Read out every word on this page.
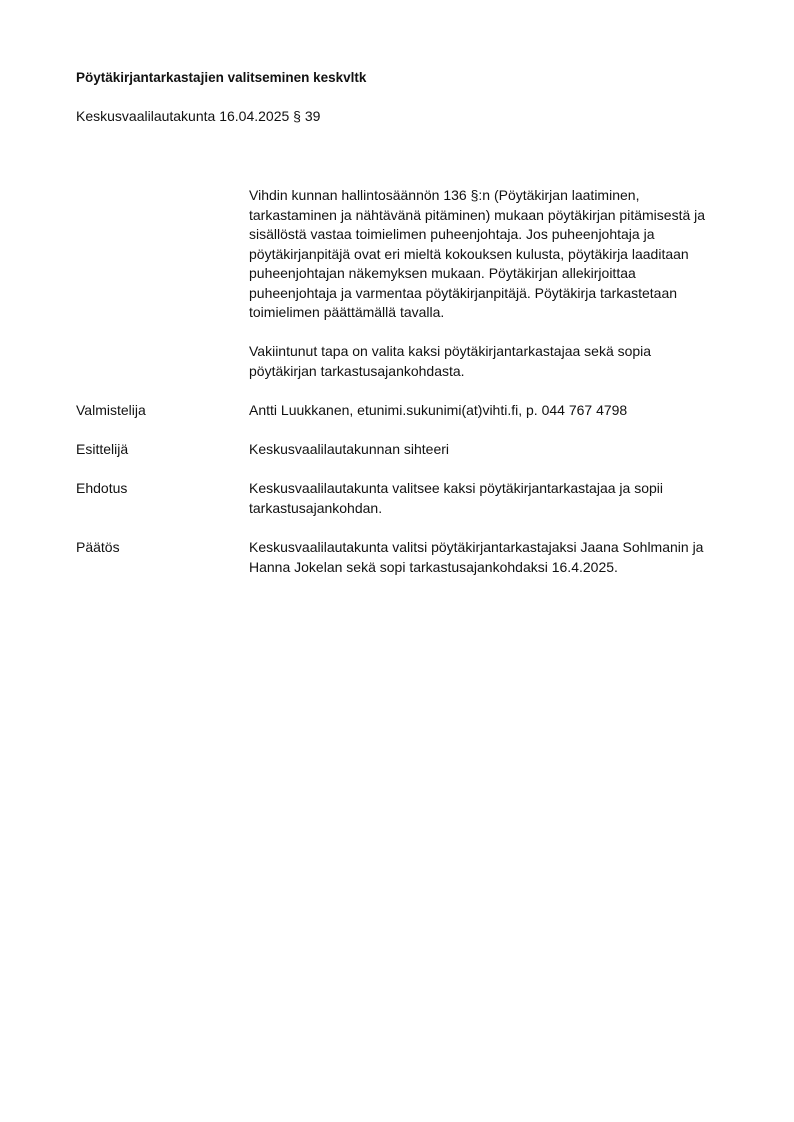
Pöytäkirjantarkastajien valitseminen keskvltk

Keskusvaalilautakunta 16.04.2025 § 39

Vihdin kunnan hallintosäännön 136 §:n (Pöytäkirjan laatiminen,
tarkastaminen ja nähtävänä pitäminen) mukaan pöytäkirjan pitämisestä ja
sisällöstä vastaa toimielimen puheenjohtaja. Jos puheenjohtaja ja
pöytäkirjanpitäjä ovat eri mieltä kokouksen kulusta, pöytäkirja laaditaan
puheenjohtajan näkemyksen mukaan. Pöytäkirjan allekirjoittaa
puheenjohtaja ja varmentaa pöytäkirjanpitäjä. Pöytäkirja tarkastetaan
toimielimen päättämällä tavalla.

Vakiintunut tapa on valita kaksi pöytäkirjantarkastajaa sekä sopia
pöytäkirjan tarkastusajankohdasta.

Valmistelija	Antti Luukkanen, etunimi.sukunimi(at)vihti.fi, p. 044 767 4798
Esittelijä	Keskusvaalilautakunnan sihteeri
Ehdotus	Keskusvaalilautakunta valitsee kaksi pöytäkirjantarkastajaa ja sopii
tarkastusajankohdan.
Päätös	Keskusvaalilautakunta valitsi pöytäkirjantarkastajaksi Jaana Sohlmanin ja
Hanna Jokelan sekä sopi tarkastusajankohdaksi 16.4.2025.
